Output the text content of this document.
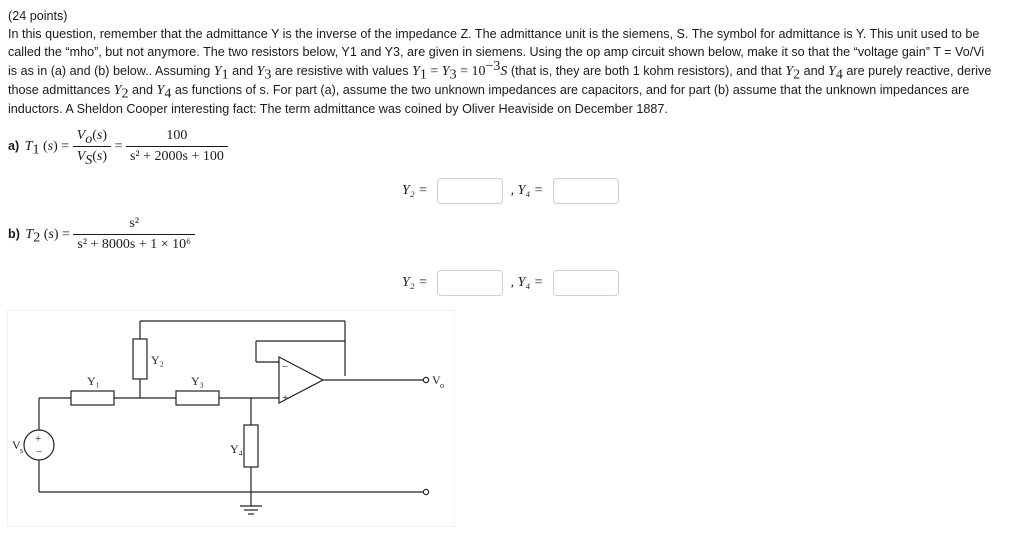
(24 points)

In this question, remember that the admittance Y is the inverse of the impedance Z. The admittance unit is the siemens, S. The symbol for admittance is Y. This unit used to be

called the “mho”, but not anymore. The two resistors below, Y1 and Y3, are given in siemens. Using the op amp circuit shown below, make it so that the “voltage gain” T = Vo/Vi

is as in (a) and (b) below.. Assuming $Y_1$ and $Y_3$ are resistive with values $Y_1 = Y_3 = 10^{-3}S$ (that is, they are both 1 kohm resistors), and that $Y_2$ and $Y_4$ are purely reactive, derive

those admittances $Y_2$ and $Y_4$ as functions of s. For part (a), assume the two unknown impedances are capacitors, and for part (b) assume that the unknown impedances are

inductors. A Sheldon Cooper interesting fact: The term admittance was coined by Oliver Heaviside on December 1887.

a) $T_1$ $(s) = \frac{V_o(s)}{V_S(s)} = \frac{100}{\text{s² + 2000s + 100}}$
Y₂ =	, Y₄ =
b) $T_2$ $(s) = \frac{\text{s²}}{\text{s² + 8000s + 1 × 10⁶}}$
Y₂ =	, Y₄ =
Y₁
Y₂
Y₃
Y₄
V s
V o
+
−
−
+
